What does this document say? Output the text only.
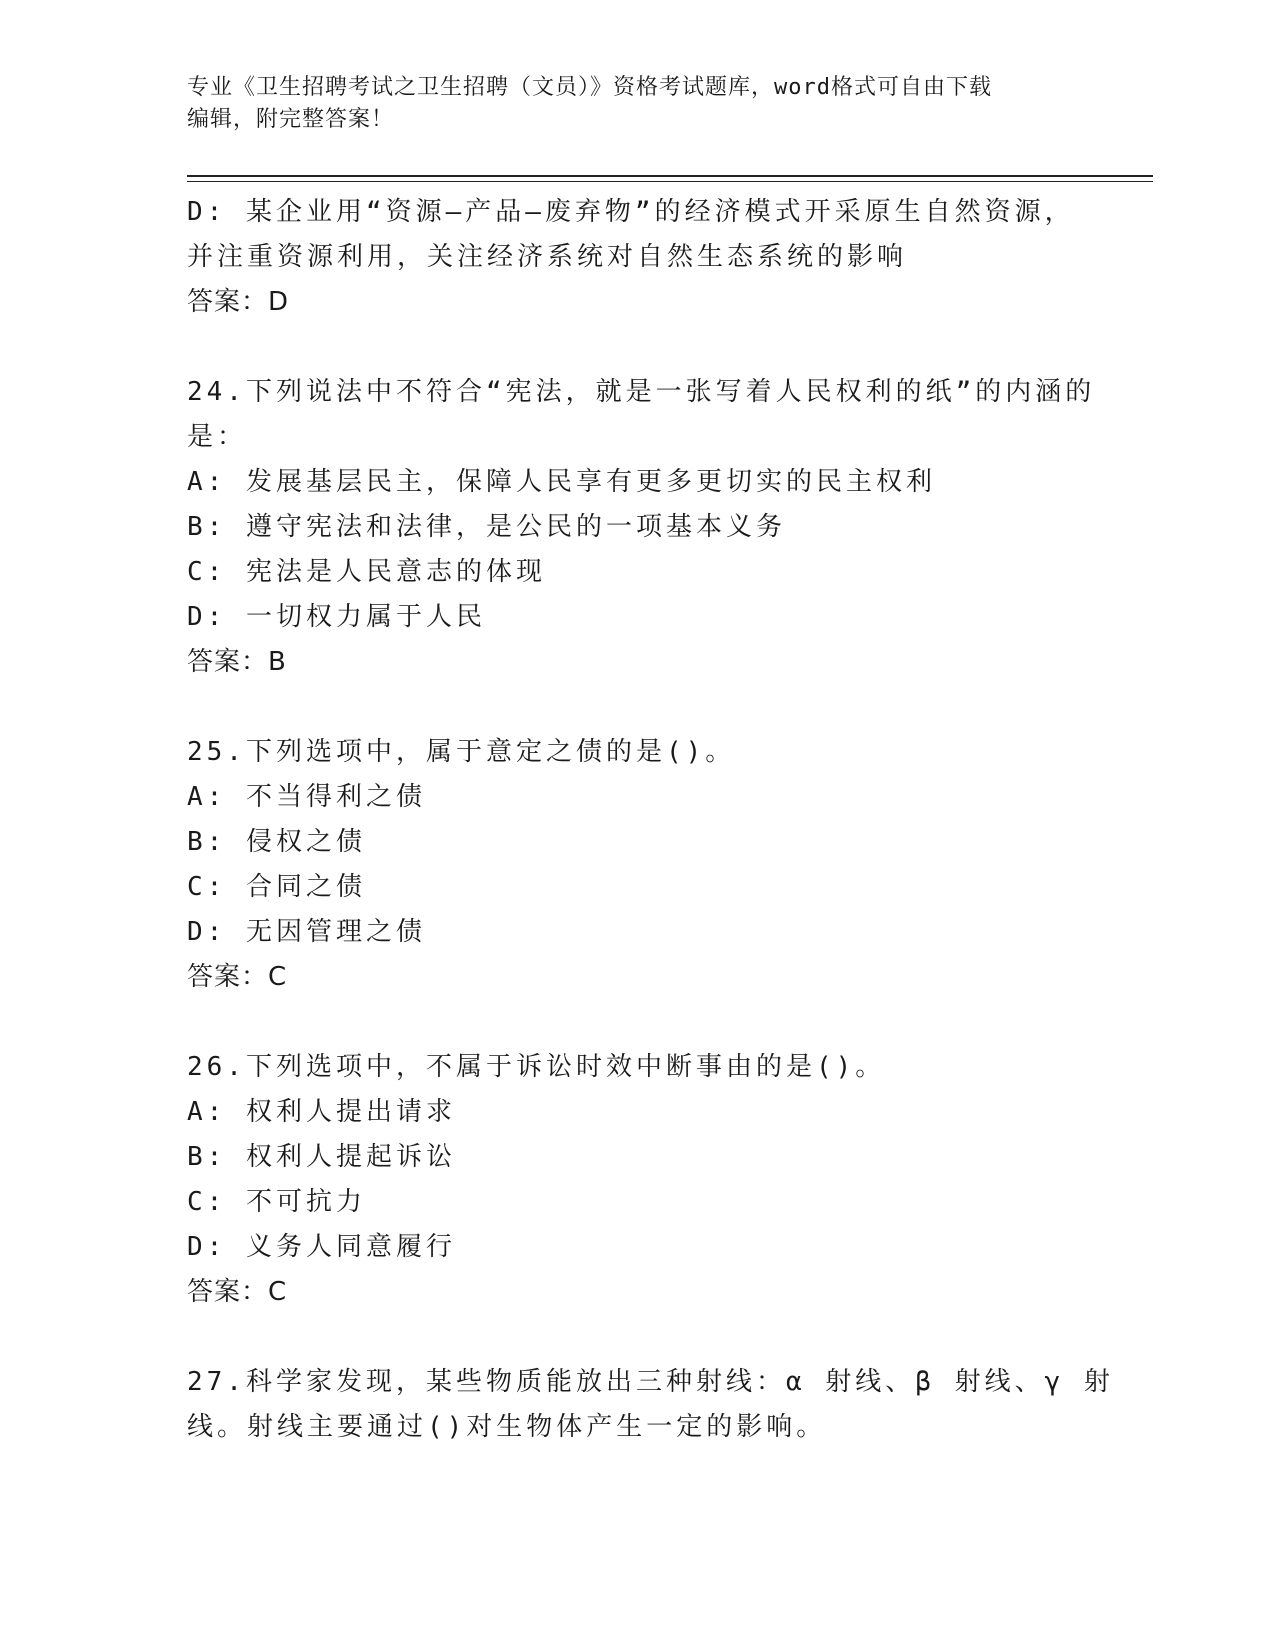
专业《卫生招聘考试之卫生招聘（文员）》资格考试题库，word格式可自由下载
编辑，附完整答案！
D: 某企业用“资源—产品—废弃物”的经济模式开采原生自然资源，
并注重资源利用，关注经济系统对自然生态系统的影响
答案：D
24.下列说法中不符合“宪法，就是一张写着人民权利的纸”的内涵的
是：
A: 发展基层民主，保障人民享有更多更切实的民主权利
B: 遵守宪法和法律，是公民的一项基本义务
C: 宪法是人民意志的体现
D: 一切权力属于人民
答案：B
25.下列选项中，属于意定之债的是()。
A: 不当得利之债
B: 侵权之债
C: 合同之债
D: 无因管理之债
答案：C
26.下列选项中，不属于诉讼时效中断事由的是()。
A: 权利人提出请求
B: 权利人提起诉讼
C: 不可抗力
D: 义务人同意履行
答案：C
27.科学家发现，某些物质能放出三种射线：α 射线、β 射线、γ 射
线。射线主要通过()对生物体产生一定的影响。
